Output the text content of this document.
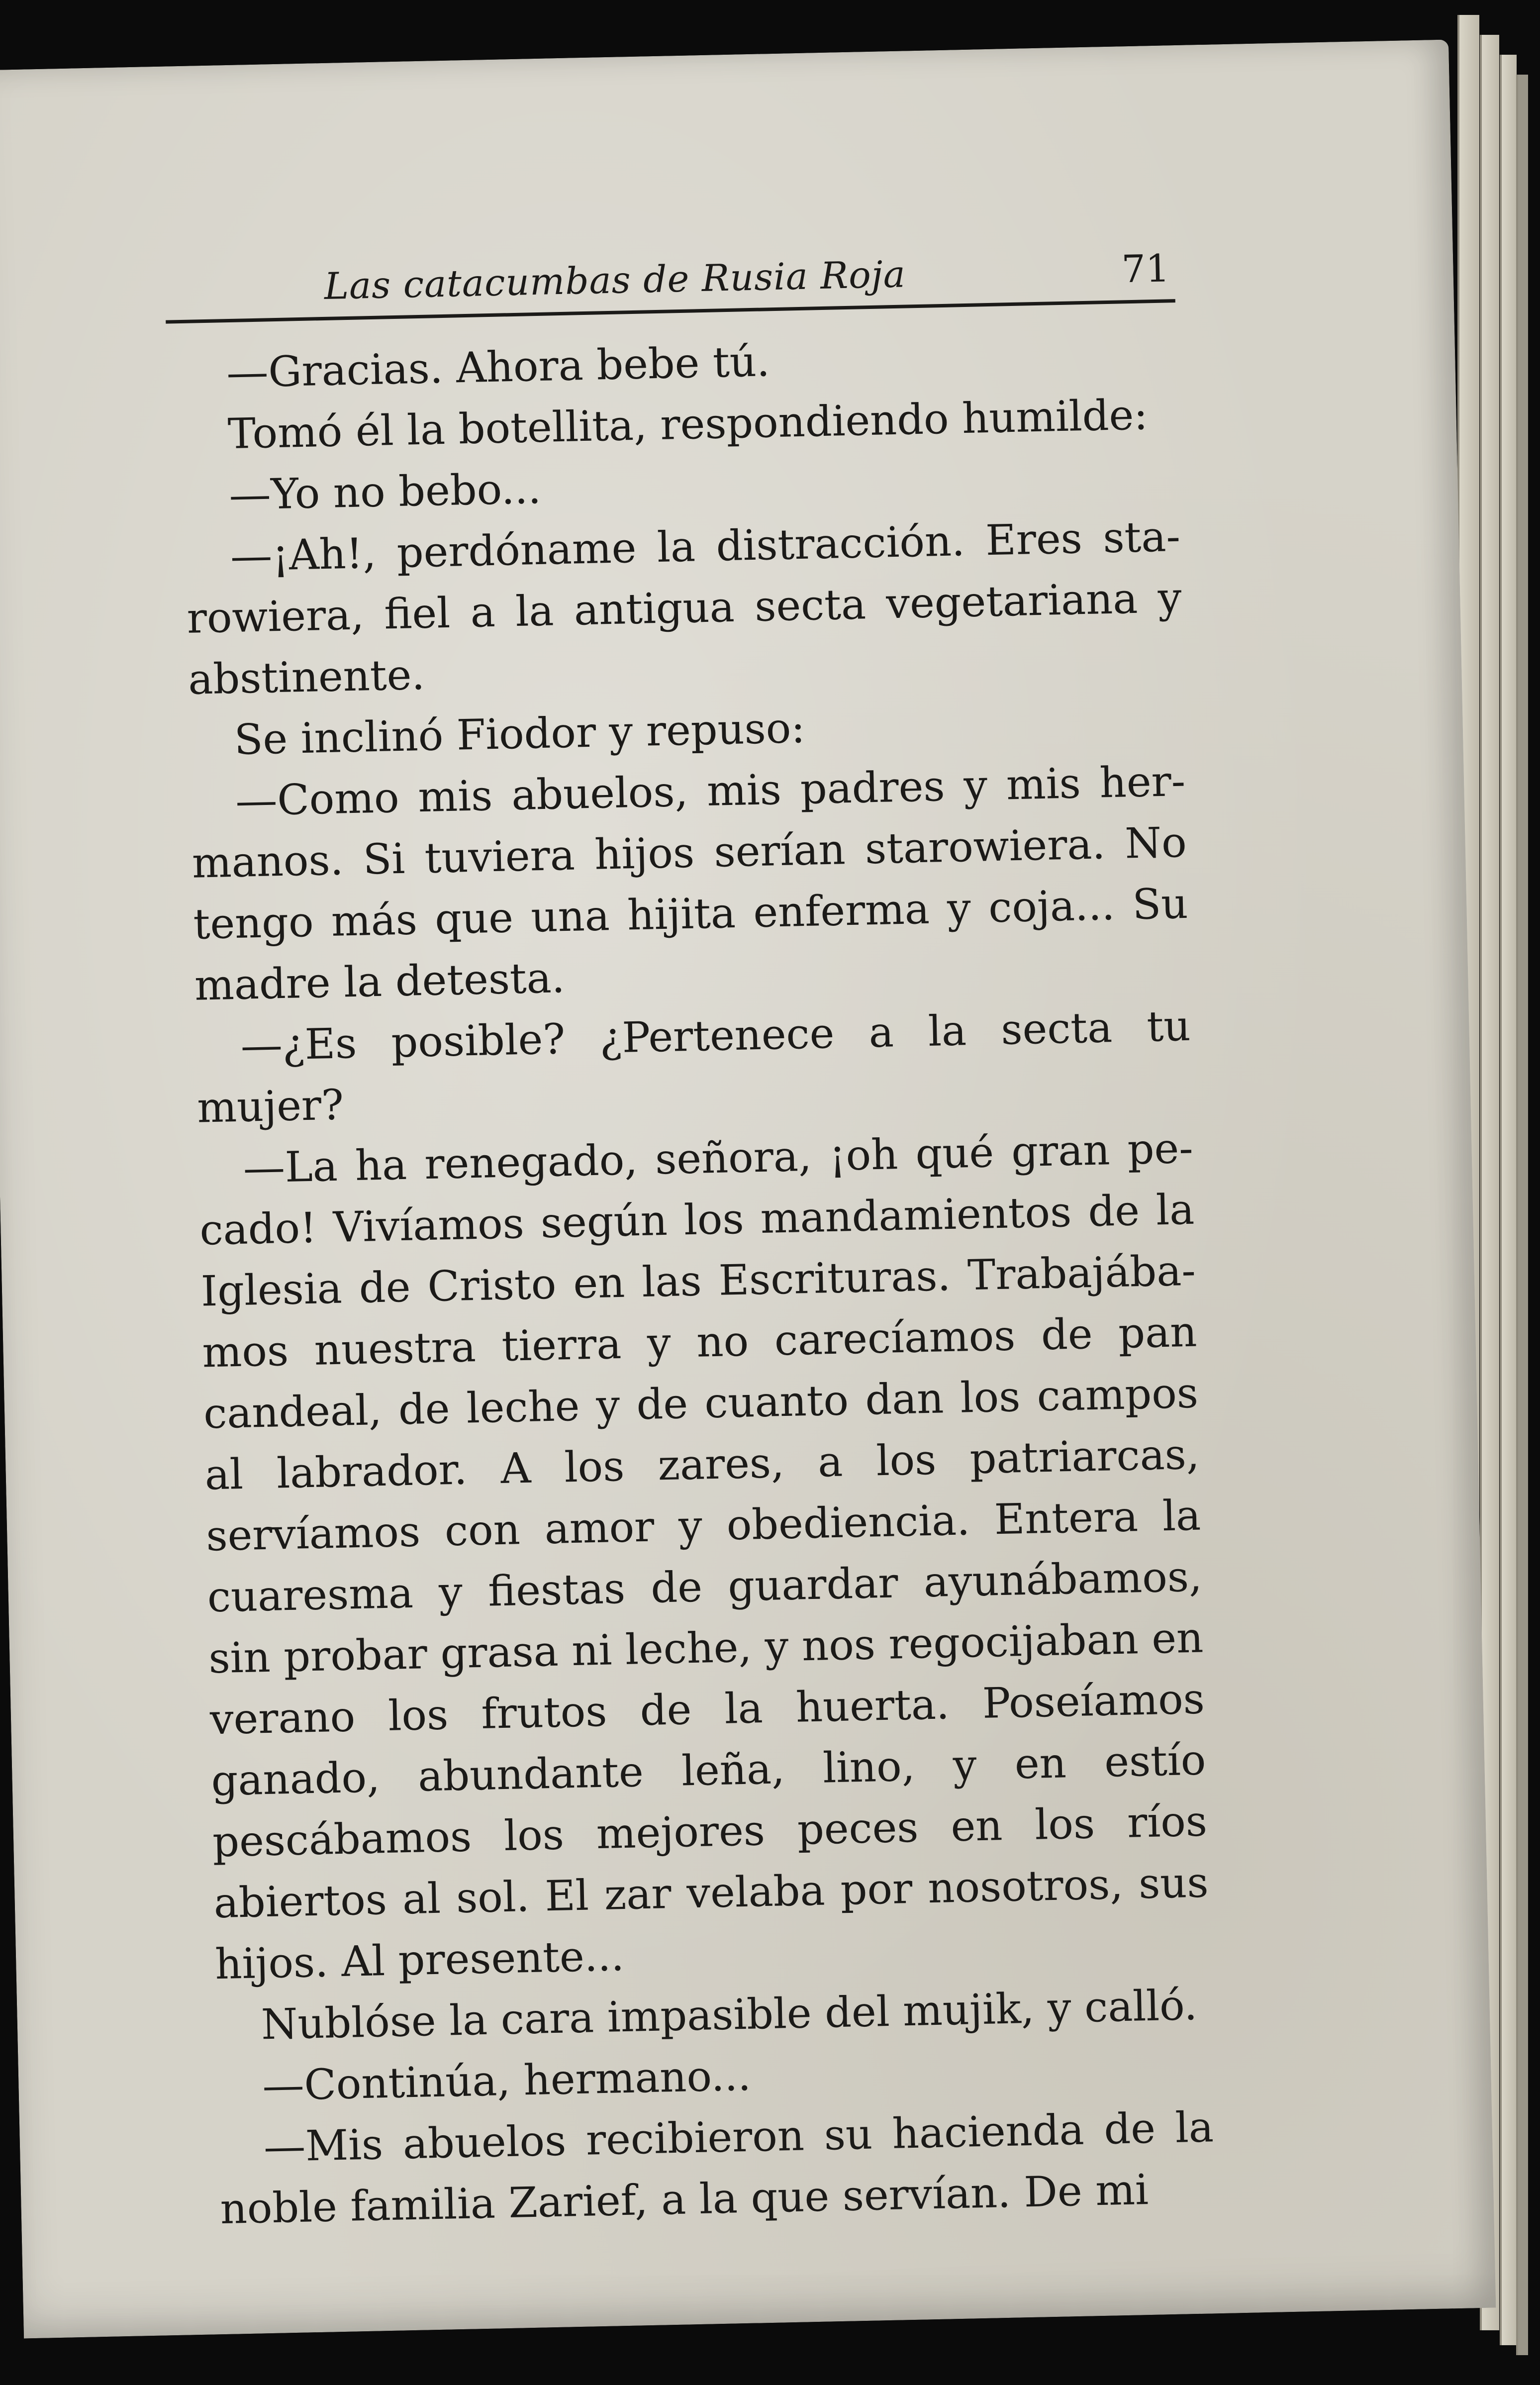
Las catacumbas de Rusia Roja	71

—Gracias. Ahora bebe tú.

Tomó él la botellita, respondiendo humilde:

—Yo no bebo...

—¡Ah!, perdóname la distracción. Eres starowiera, fiel a la antigua secta vegetariana y abstinente.

Se inclinó Fiodor y repuso:

—Como mis abuelos, mis padres y mis hermanos. Si tuviera hijos serían starowiera. No tengo más que una hijita enferma y coja... Su madre la detesta.

—¿Es posible? ¿Pertenece a la secta tu mujer?

—La ha renegado, señora, ¡oh qué gran pecado! Vivíamos según los mandamientos de la Iglesia de Cristo en las Escrituras. Trabajábamos nuestra tierra y no carecíamos de pan candeal, de leche y de cuanto dan los campos al labrador. A los zares, a los patriarcas, servíamos con amor y obediencia. Entera la cuaresma y fiestas de guardar ayunábamos, sin probar grasa ni leche, y nos regocijaban en verano los frutos de la huerta. Poseíamos ganado, abundante leña, lino, y en estío pescábamos los mejores peces en los ríos abiertos al sol. El zar velaba por nosotros, sus hijos. Al presente...

Nublóse la cara impasible del mujik, y calló.

—Continúa, hermano...

—Mis abuelos recibieron su hacienda de la noble familia Zarief, a la que servían. De mi
